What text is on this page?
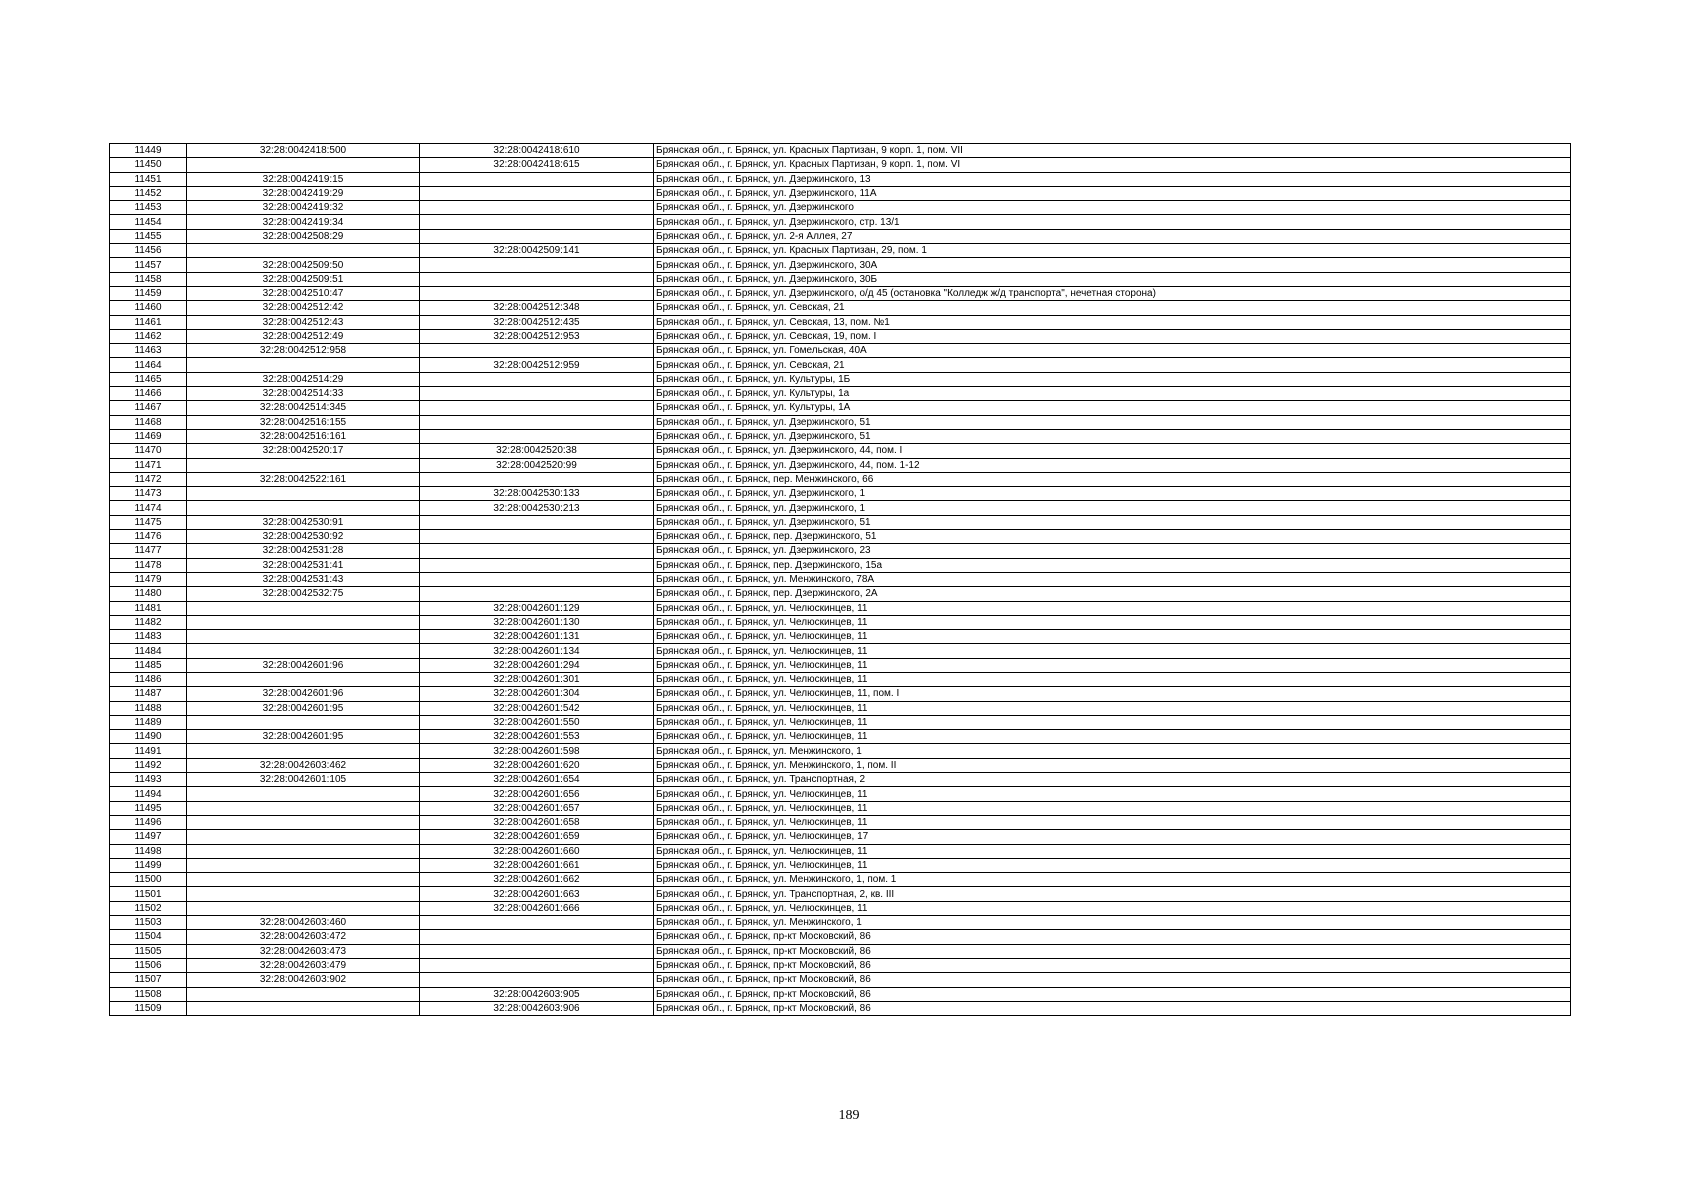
11449	32:28:0042418:500	32:28:0042418:610	Брянская обл., г. Брянск, ул. Красных Партизан, 9 корп. 1, пом. VII
11450		32:28:0042418:615	Брянская обл., г. Брянск, ул. Красных Партизан, 9 корп. 1, пом. VI
11451	32:28:0042419:15		Брянская обл., г. Брянск, ул. Дзержинского, 13
11452	32:28:0042419:29		Брянская обл., г. Брянск, ул. Дзержинского, 11А
11453	32:28:0042419:32		Брянская обл., г. Брянск, ул. Дзержинского
11454	32:28:0042419:34		Брянская обл., г. Брянск, ул. Дзержинского, стр. 13/1
11455	32:28:0042508:29		Брянская обл., г. Брянск, ул. 2-я Аллея, 27
11456		32:28:0042509:141	Брянская обл., г. Брянск, ул. Красных Партизан, 29, пом. 1
11457	32:28:0042509:50		Брянская обл., г. Брянск, ул. Дзержинского, 30А
11458	32:28:0042509:51		Брянская обл., г. Брянск, ул. Дзержинского, 30Б
11459	32:28:0042510:47		Брянская обл., г. Брянск, ул. Дзержинского, о/д 45 (остановка "Колледж ж/д транспорта", нечетная сторона)
11460	32:28:0042512:42	32:28:0042512:348	Брянская обл., г. Брянск, ул. Севская, 21
11461	32:28:0042512:43	32:28:0042512:435	Брянская обл., г. Брянск, ул. Севская, 13, пом. №1
11462	32:28:0042512:49	32:28:0042512:953	Брянская обл., г. Брянск, ул. Севская, 19, пом. I
11463	32:28:0042512:958		Брянская обл., г. Брянск, ул. Гомельская, 40А
11464		32:28:0042512:959	Брянская обл., г. Брянск, ул. Севская, 21
11465	32:28:0042514:29		Брянская обл., г. Брянск, ул. Культуры, 1Б
11466	32:28:0042514:33		Брянская обл., г. Брянск, ул. Культуры, 1а
11467	32:28:0042514:345		Брянская обл., г. Брянск, ул. Культуры, 1А
11468	32:28:0042516:155		Брянская обл., г. Брянск, ул. Дзержинского, 51
11469	32:28:0042516:161		Брянская обл., г. Брянск, ул. Дзержинского, 51
11470	32:28:0042520:17	32:28:0042520:38	Брянская обл., г. Брянск, ул. Дзержинского, 44, пом. I
11471		32:28:0042520:99	Брянская обл., г. Брянск, ул. Дзержинского, 44, пом. 1-12
11472	32:28:0042522:161		Брянская обл., г. Брянск, пер. Менжинского, 66
11473		32:28:0042530:133	Брянская обл., г. Брянск, ул. Дзержинского, 1
11474		32:28:0042530:213	Брянская обл., г. Брянск, ул. Дзержинского, 1
11475	32:28:0042530:91		Брянская обл., г. Брянск, ул. Дзержинского, 51
11476	32:28:0042530:92		Брянская обл., г. Брянск, пер. Дзержинского, 51
11477	32:28:0042531:28		Брянская обл., г. Брянск, ул. Дзержинского, 23
11478	32:28:0042531:41		Брянская обл., г. Брянск, пер. Дзержинского, 15а
11479	32:28:0042531:43		Брянская обл., г. Брянск, ул. Менжинского, 78А
11480	32:28:0042532:75		Брянская обл., г. Брянск, пер. Дзержинского, 2А
11481		32:28:0042601:129	Брянская обл., г. Брянск, ул. Челюскинцев, 11
11482		32:28:0042601:130	Брянская обл., г. Брянск, ул. Челюскинцев, 11
11483		32:28:0042601:131	Брянская обл., г. Брянск, ул. Челюскинцев, 11
11484		32:28:0042601:134	Брянская обл., г. Брянск, ул. Челюскинцев, 11
11485	32:28:0042601:96	32:28:0042601:294	Брянская обл., г. Брянск, ул. Челюскинцев, 11
11486		32:28:0042601:301	Брянская обл., г. Брянск, ул. Челюскинцев, 11
11487	32:28:0042601:96	32:28:0042601:304	Брянская обл., г. Брянск, ул. Челюскинцев, 11, пом. I
11488	32:28:0042601:95	32:28:0042601:542	Брянская обл., г. Брянск, ул. Челюскинцев, 11
11489		32:28:0042601:550	Брянская обл., г. Брянск, ул. Челюскинцев, 11
11490	32:28:0042601:95	32:28:0042601:553	Брянская обл., г. Брянск, ул. Челюскинцев, 11
11491		32:28:0042601:598	Брянская обл., г. Брянск, ул. Менжинского, 1
11492	32:28:0042603:462	32:28:0042601:620	Брянская обл., г. Брянск, ул. Менжинского, 1, пом. II
11493	32:28:0042601:105	32:28:0042601:654	Брянская обл., г. Брянск, ул. Транспортная, 2
11494		32:28:0042601:656	Брянская обл., г. Брянск, ул. Челюскинцев, 11
11495		32:28:0042601:657	Брянская обл., г. Брянск, ул. Челюскинцев, 11
11496		32:28:0042601:658	Брянская обл., г. Брянск, ул. Челюскинцев, 11
11497		32:28:0042601:659	Брянская обл., г. Брянск, ул. Челюскинцев, 17
11498		32:28:0042601:660	Брянская обл., г. Брянск, ул. Челюскинцев, 11
11499		32:28:0042601:661	Брянская обл., г. Брянск, ул. Челюскинцев, 11
11500		32:28:0042601:662	Брянская обл., г. Брянск, ул. Менжинского, 1, пом. 1
11501		32:28:0042601:663	Брянская обл., г. Брянск, ул. Транспортная, 2, кв. III
11502		32:28:0042601:666	Брянская обл., г. Брянск, ул. Челюскинцев, 11
11503	32:28:0042603:460		Брянская обл., г. Брянск, ул. Менжинского, 1
11504	32:28:0042603:472		Брянская обл., г. Брянск, пр-кт Московский, 86
11505	32:28:0042603:473		Брянская обл., г. Брянск, пр-кт Московский, 86
11506	32:28:0042603:479		Брянская обл., г. Брянск, пр-кт Московский, 86
11507	32:28:0042603:902		Брянская обл., г. Брянск, пр-кт Московский, 86
11508		32:28:0042603:905	Брянская обл., г. Брянск, пр-кт Московский, 86
11509		32:28:0042603:906	Брянская обл., г. Брянск, пр-кт Московский, 86
189
